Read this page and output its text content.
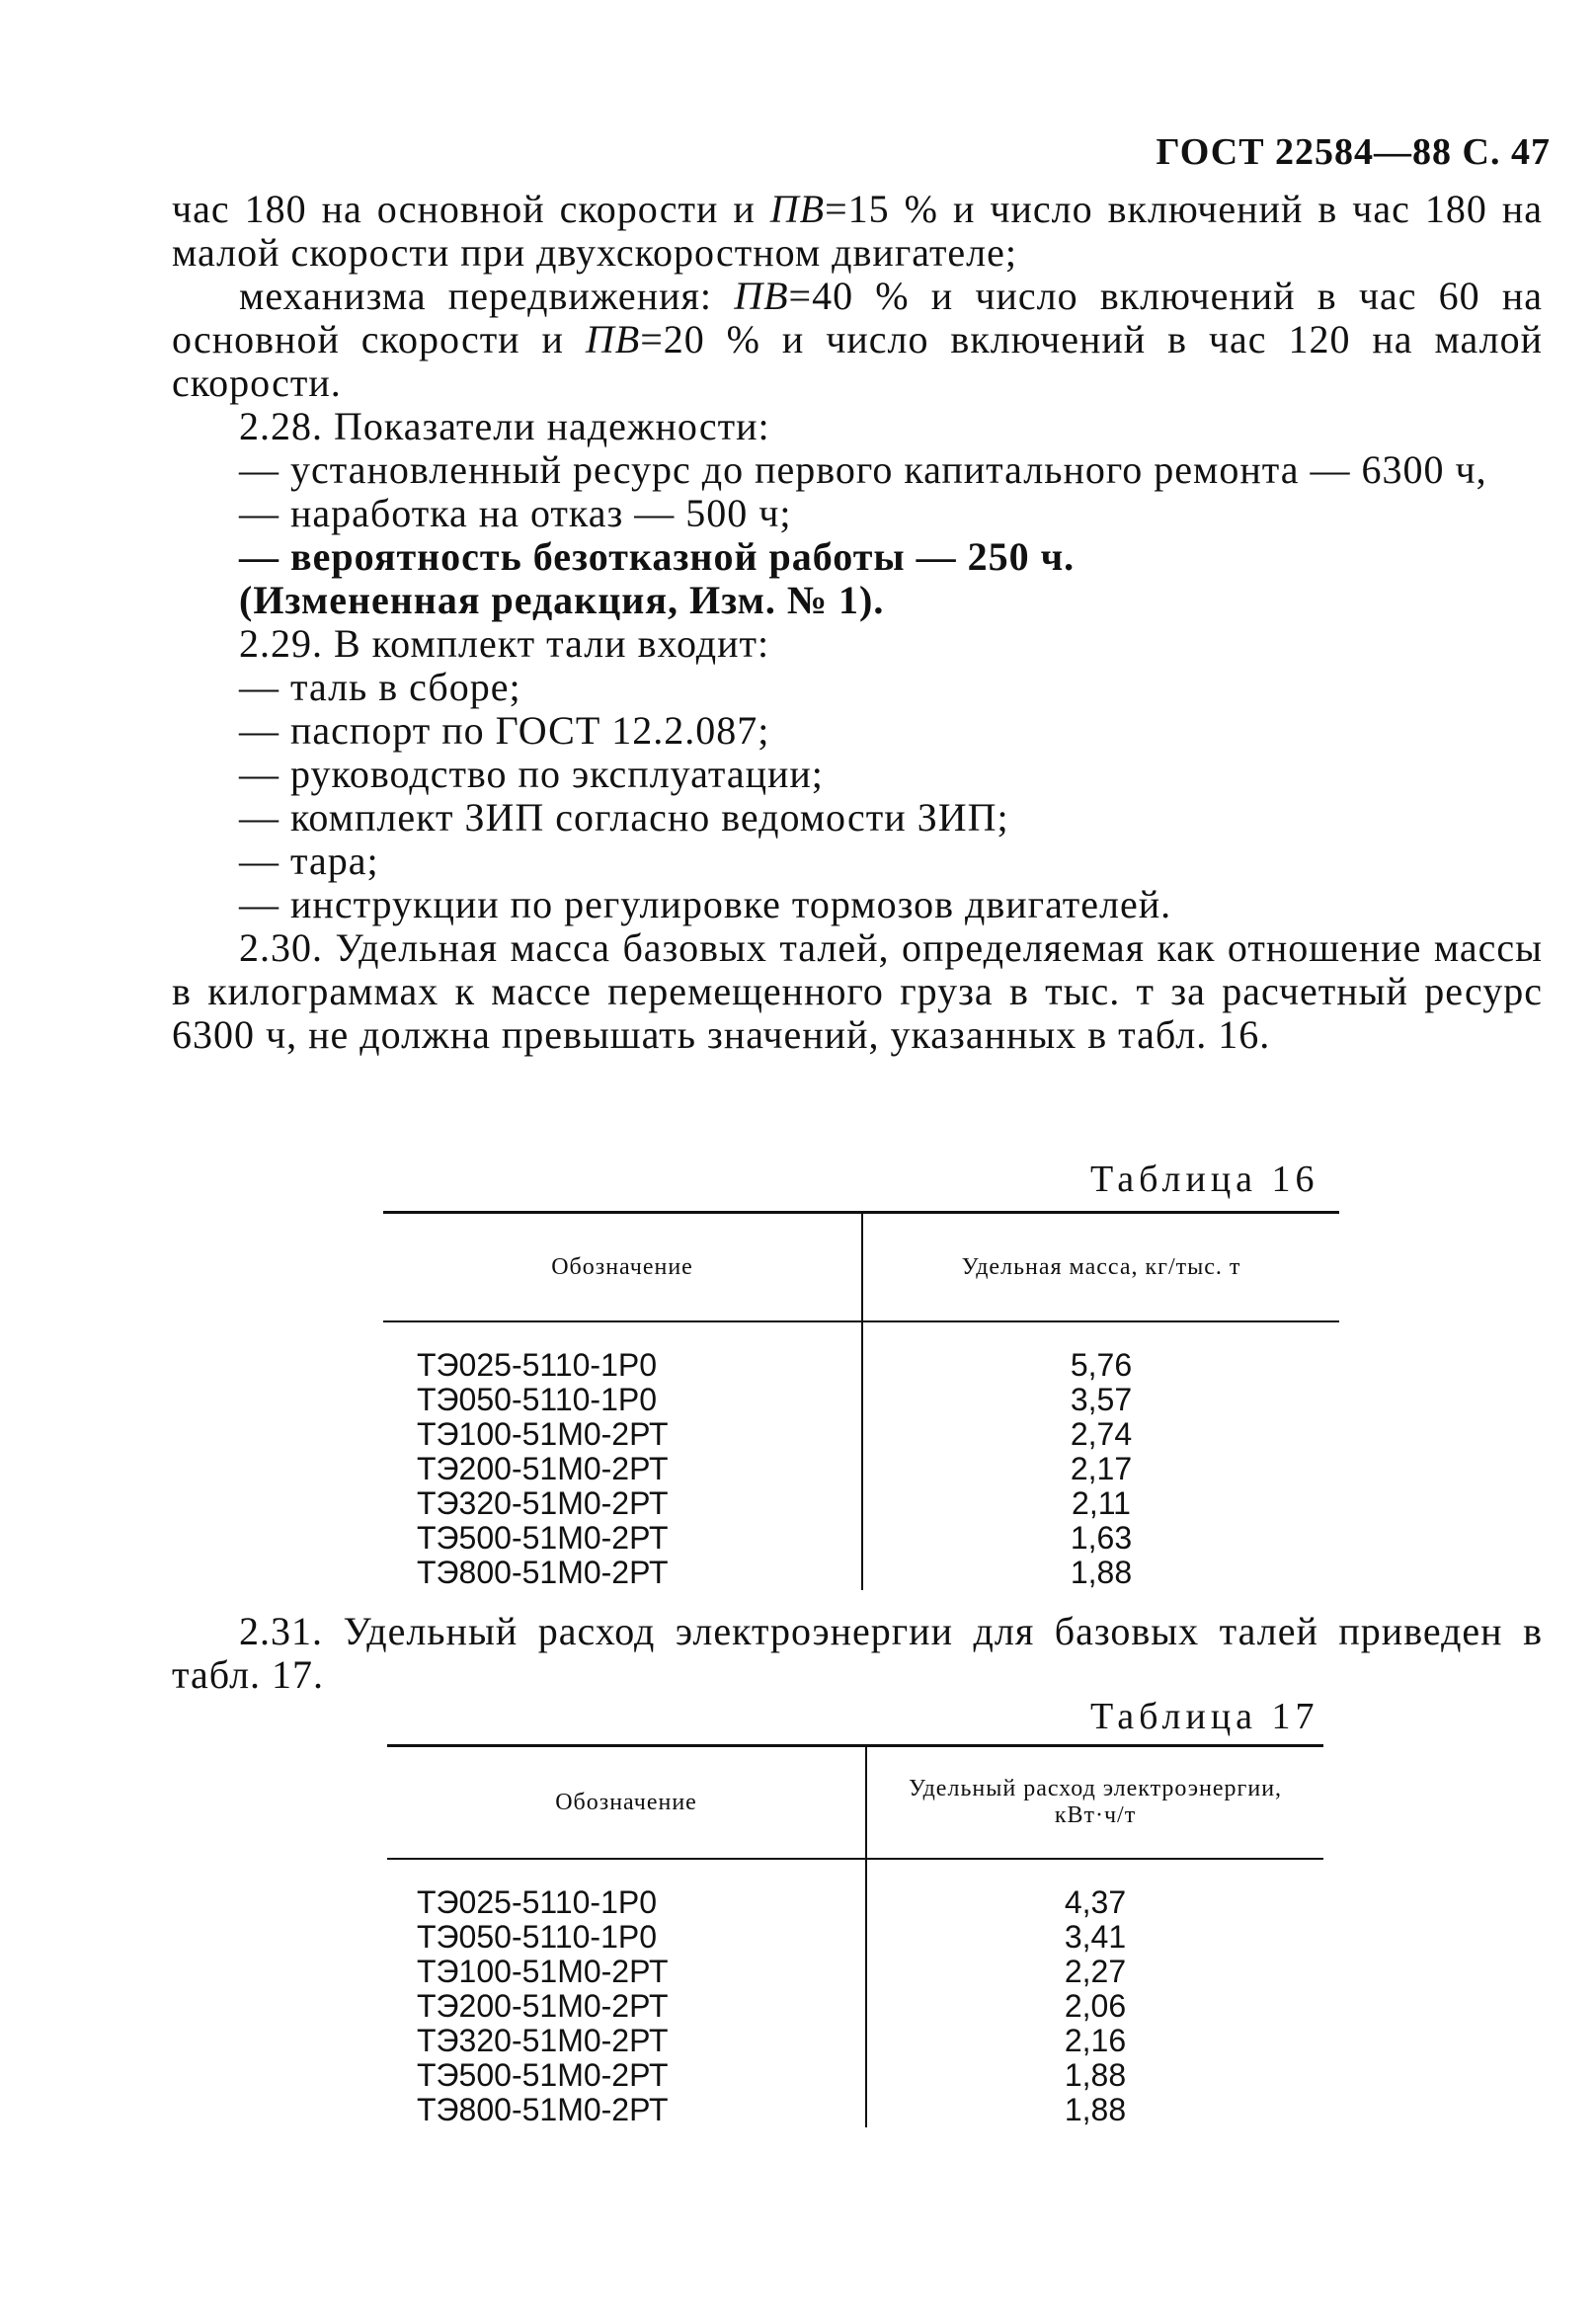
ГОСТ 22584—88 С. 47

час 180 на основной скорости и ПВ=15 % и число включений в час 180 на малой скорости при двухскоростном двигателе;

механизма передвижения: ПВ=40 % и число включений в час 60 на основной скорости и ПВ=20 % и число включений в час 120 на малой скорости.

2.28. Показатели надежности:

— установленный ресурс до первого капитального ремонта — 6300 ч,

— наработка на отказ — 500 ч;

— вероятность безотказной работы — 250 ч.

(Измененная редакция, Изм. № 1).

2.29. В комплект тали входит:

— таль в сборе;

— паспорт по ГОСТ 12.2.087;

— руководство по эксплуатации;

— комплект ЗИП согласно ведомости ЗИП;

— тара;

— инструкции по регулировке тормозов двигателей.

2.30. Удельная масса базовых талей, определяемая как отношение массы в килограммах к массе перемещенного груза в тыс. т за расчетный ресурс 6300 ч, не должна превышать значений, указанных в табл. 16.

Таблица 16
Обозначение	Удельная масса, кг/тыс. т

ТЭ025-5110-1Р0	5,76
ТЭ050-5110-1Р0	3,57
ТЭ100-51М0-2РТ	2,74
ТЭ200-51М0-2РТ	2,17
ТЭ320-51М0-2РТ	2,11
ТЭ500-51М0-2РТ	1,63
ТЭ800-51М0-2РТ	1,88

2.31. Удельный расход электроэнергии для базовых талей приведен в табл. 17.

Таблица 17
Обозначение	Удельный расход электроэнергии, кВт·ч/т

ТЭ025-5110-1Р0	4,37
ТЭ050-5110-1Р0	3,41
ТЭ100-51М0-2РТ	2,27
ТЭ200-51М0-2РТ	2,06
ТЭ320-51М0-2РТ	2,16
ТЭ500-51М0-2РТ	1,88
ТЭ800-51М0-2РТ	1,88
